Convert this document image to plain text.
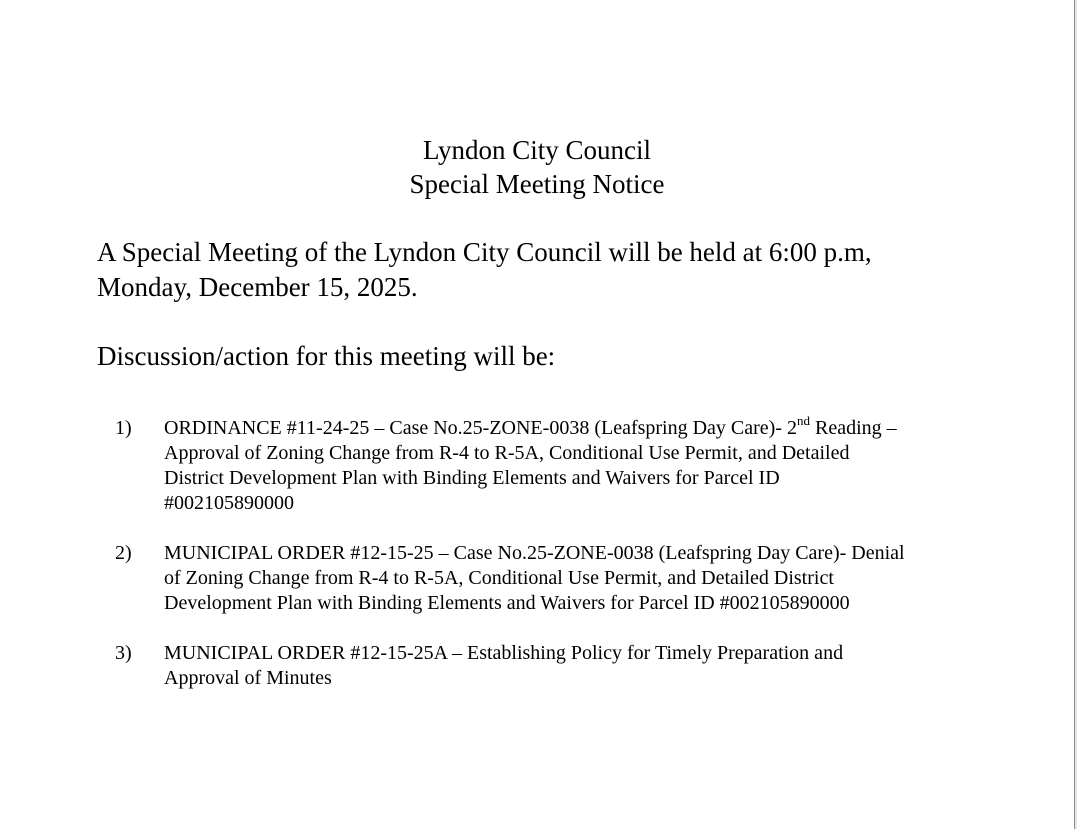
Lyndon City Council
Special Meeting Notice
A Special Meeting of the Lyndon City Council will be held at 6:00 p.m,
Monday, December 15, 2025.
Discussion/action for this meeting will be:
1) ORDINANCE #11-24-25 – Case No.25-ZONE-0038 (Leafspring Day Care)- 2nd Reading –
Approval of Zoning Change from R-4 to R-5A, Conditional Use Permit, and Detailed
District Development Plan with Binding Elements and Waivers for Parcel ID
#002105890000
2) MUNICIPAL ORDER #12-15-25 – Case No.25-ZONE-0038 (Leafspring Day Care)- Denial
of Zoning Change from R-4 to R-5A, Conditional Use Permit, and Detailed District
Development Plan with Binding Elements and Waivers for Parcel ID #002105890000
3) MUNICIPAL ORDER #12-15-25A – Establishing Policy for Timely Preparation and
Approval of Minutes
